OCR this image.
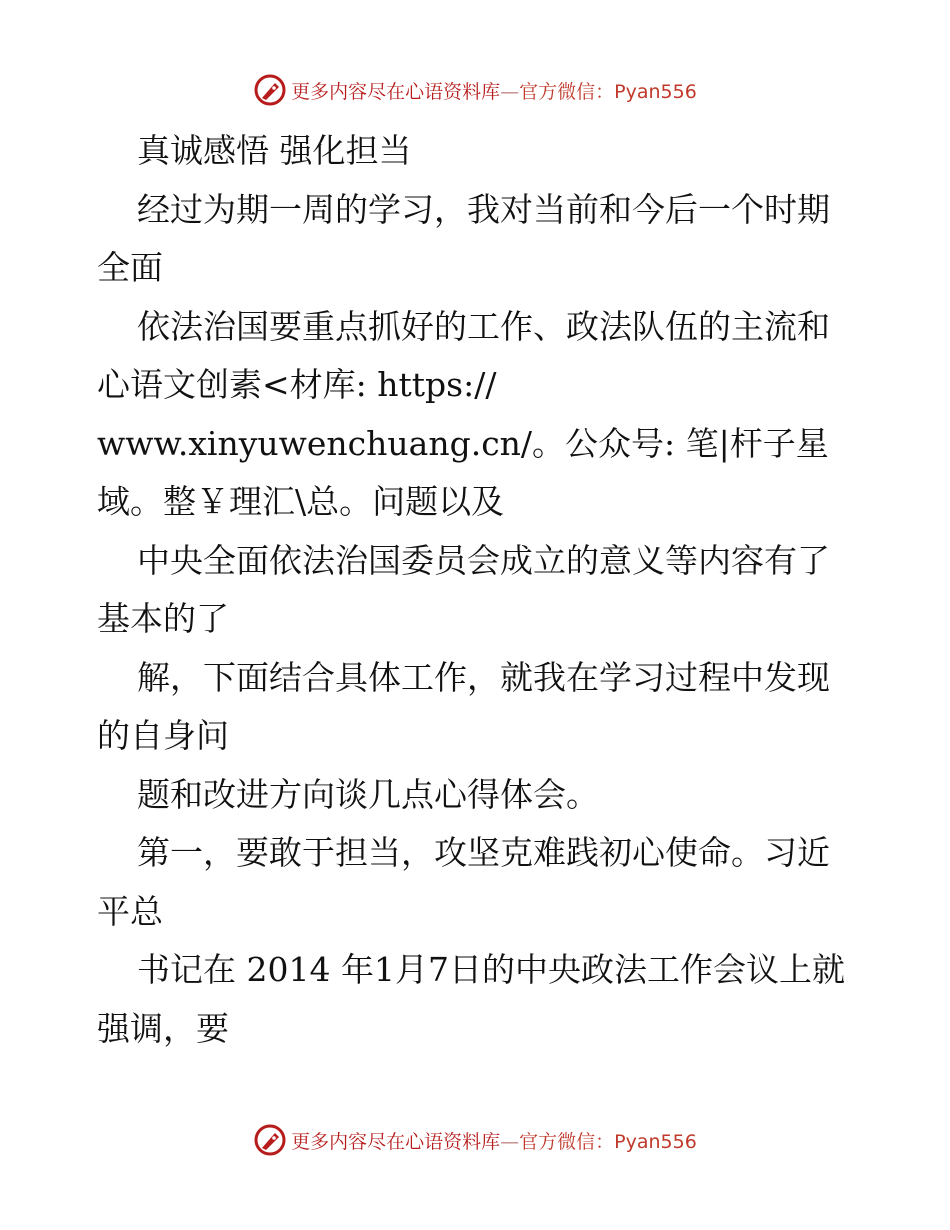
更多内容尽在心语资料库—官方微信：Pyan556

真诚感悟 强化担当

经过为期一周的学习，我对当前和今后一个时期全面

依法治国要重点抓好的工作、政法队伍的主流和心语文创素<材库: https://

www.xinyuwenchuang.cn/。公众号: 笔|杆子星域。整￥理汇\总。问题以及

中央全面依法治国委员会成立的意义等内容有了基本的了

解，下面结合具体工作，就我在学习过程中发现的自身问

题和改进方向谈几点心得体会。

第一，要敢于担当，攻坚克难践初心使命。习近平总

书记在 2014 年1月7日的中央政法工作会议上就强调，要

更多内容尽在心语资料库—官方微信：Pyan556
